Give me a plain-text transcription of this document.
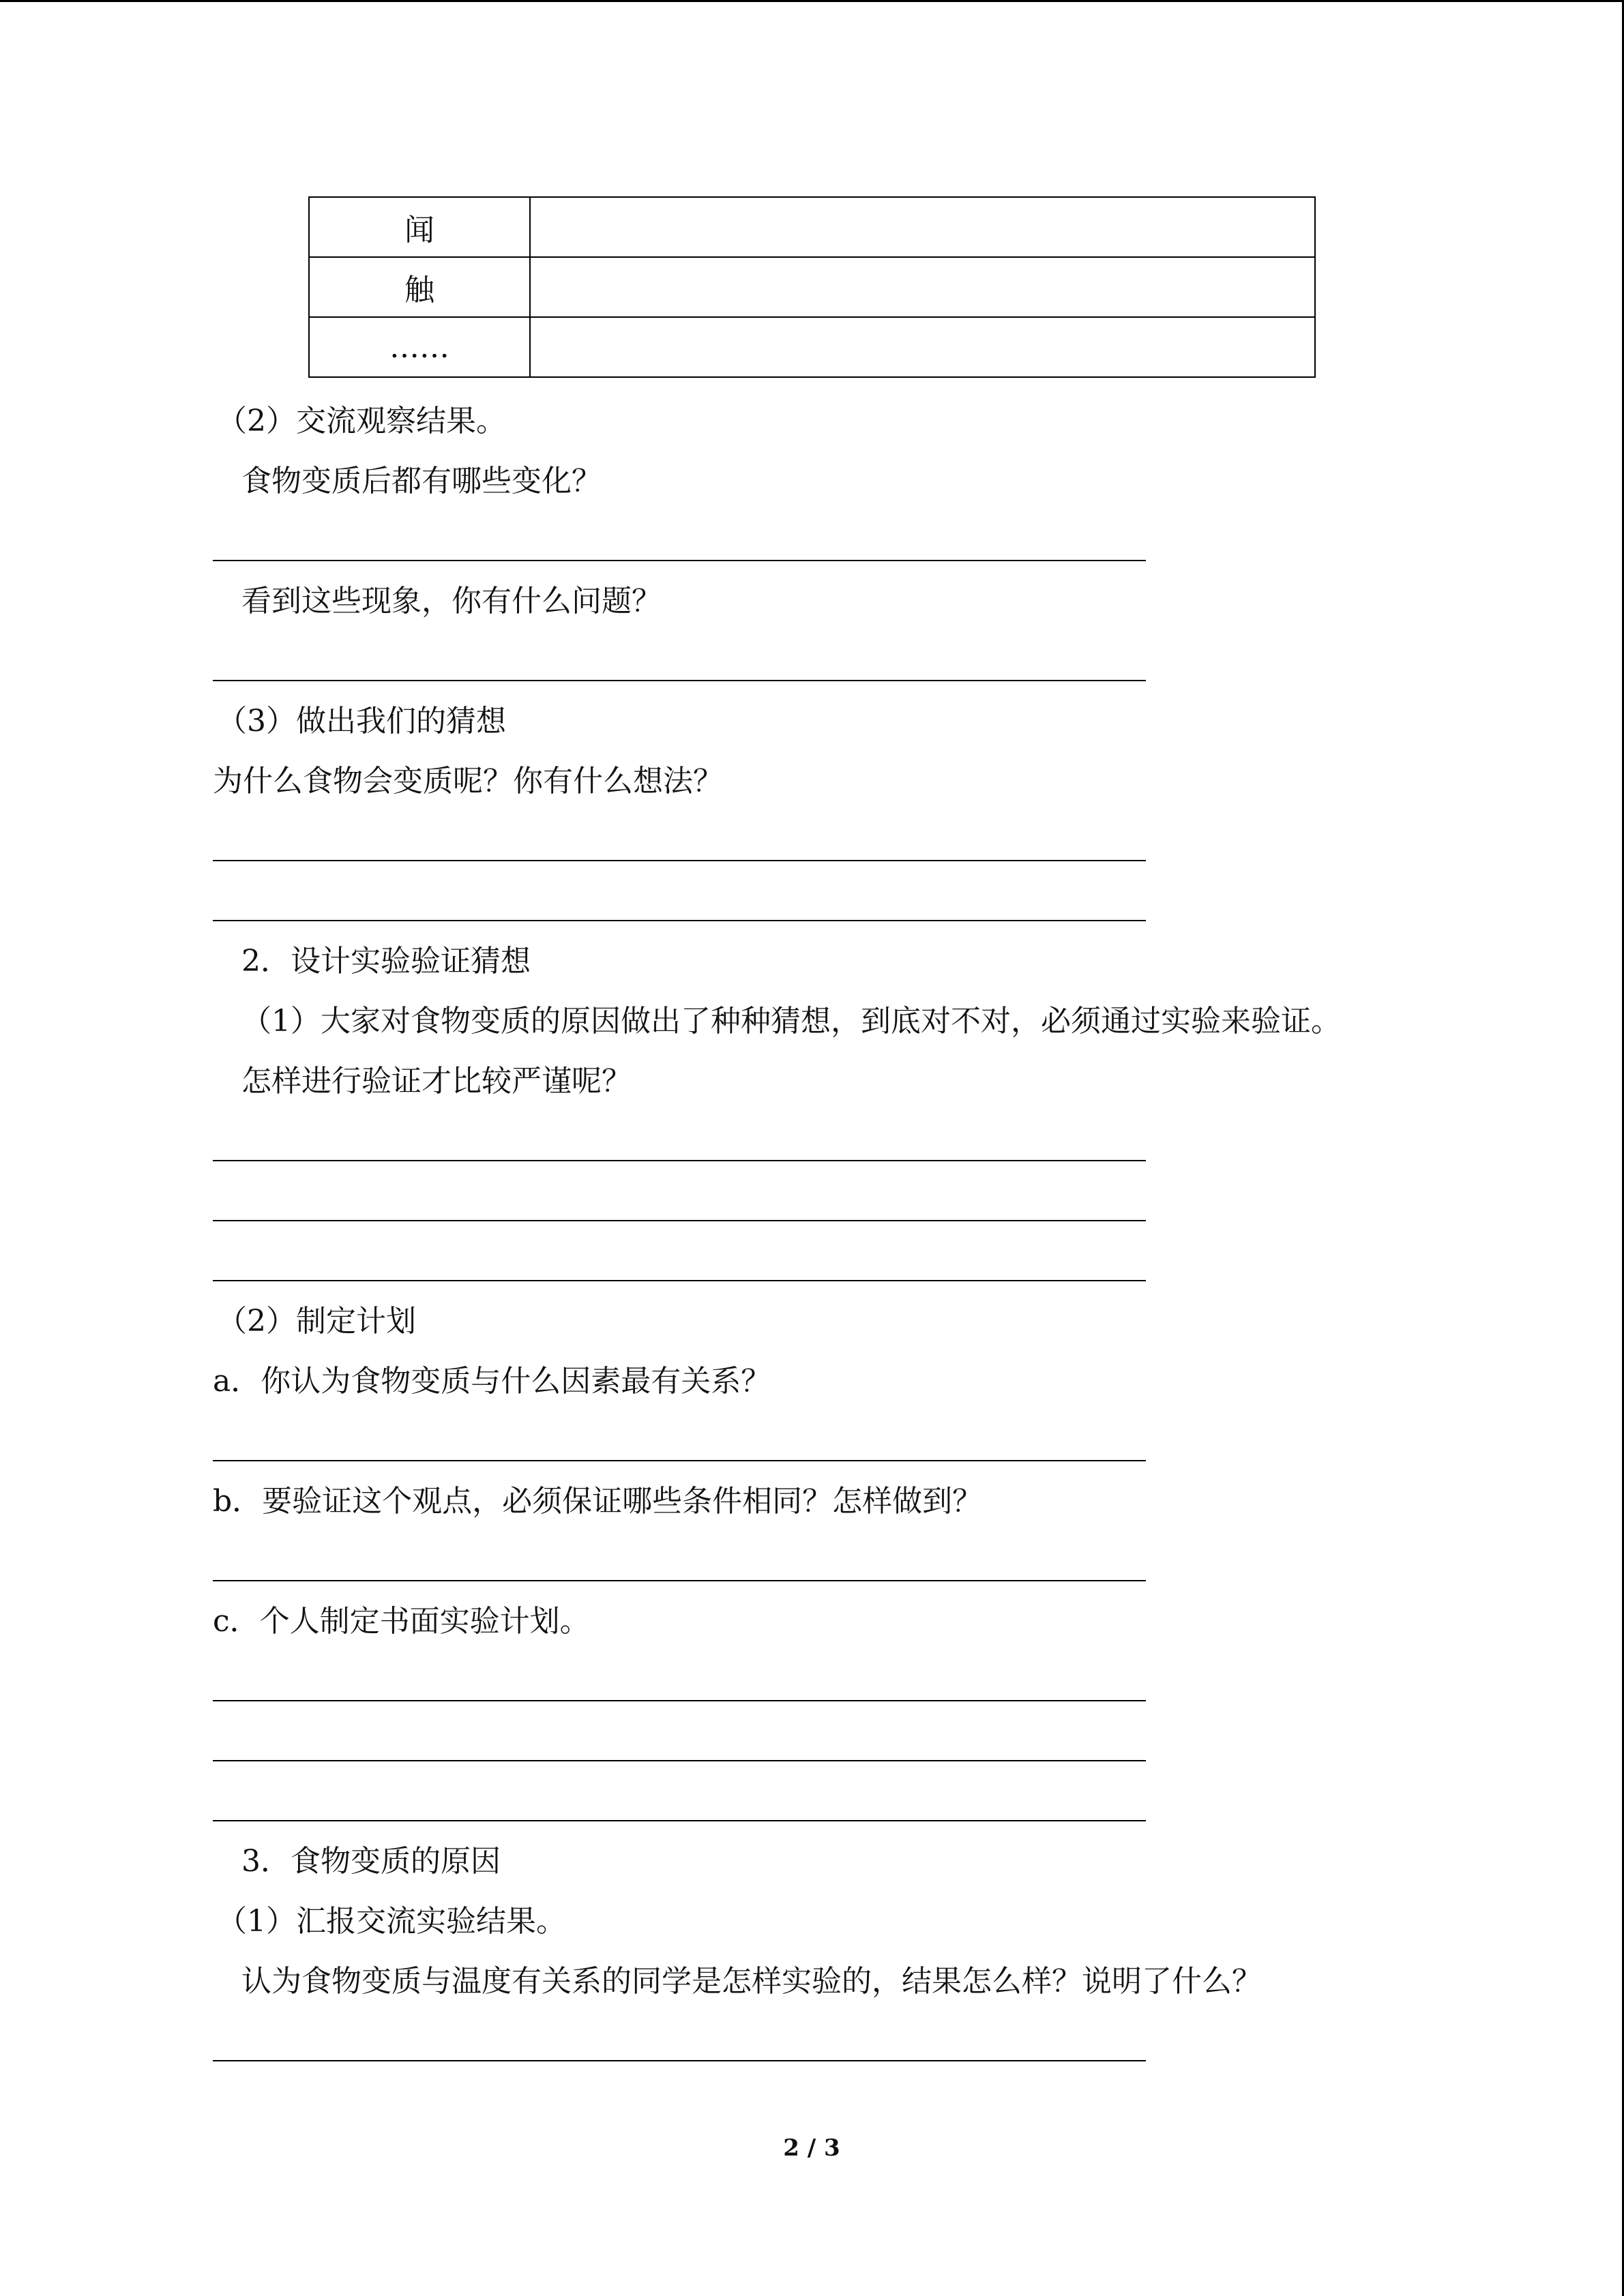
闻	
触	
……	
（2）交流观察结果。
食物变质后都有哪些变化？
看到这些现象，你有什么问题？
（3）做出我们的猜想
为什么食物会变质呢？你有什么想法？
2．设计实验验证猜想
（1）大家对食物变质的原因做出了种种猜想，到底对不对，必须通过实验来验证。
怎样进行验证才比较严谨呢？
（2）制定计划
a．你认为食物变质与什么因素最有关系？
b．要验证这个观点，必须保证哪些条件相同？怎样做到？
c．个人制定书面实验计划。
3．食物变质的原因
（1）汇报交流实验结果。
认为食物变质与温度有关系的同学是怎样实验的，结果怎么样？说明了什么？
2 / 3
